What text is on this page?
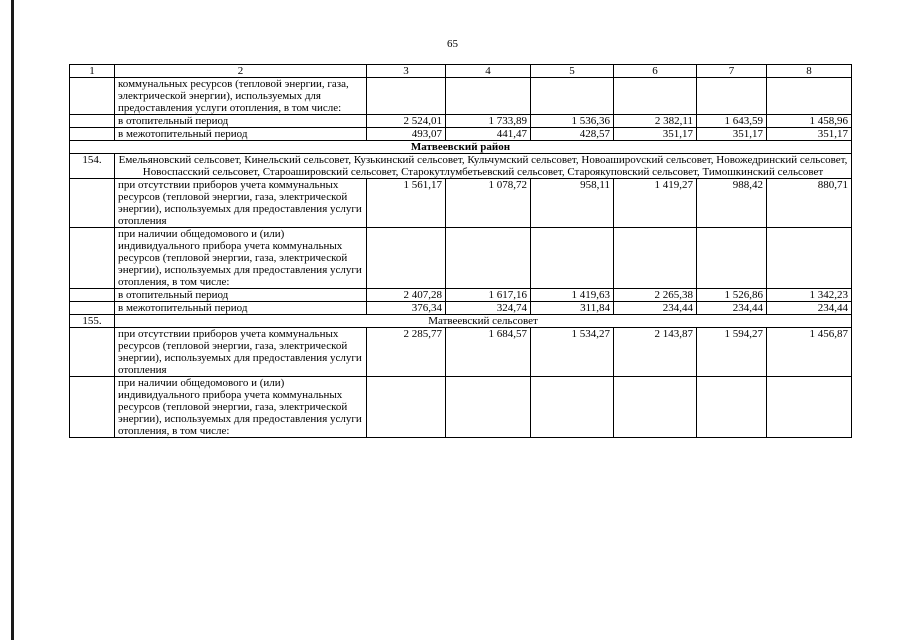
65
1	2	3	4	5	6	7	8
	коммунальных ресурсов (тепловой энергии, газа, электрической энергии), используемых для предоставления услуги отопления, в том числе:						
	в отопительный период	2 524,01	1 733,89	1 536,36	2 382,11	1 643,59	1 458,96
	в межотопительный период	493,07	441,47	428,57	351,17	351,17	351,17
Матвеевский район							
154.	Емельяновский сельсовет, Кинельский сельсовет, Кузькинский сельсовет, Кульчумский сельсовет, Новоаширovский сельсовет, Новожедринский сельсовет, Новоспасский сельсовет, Староашировский сельсовет, Старокутлумбетьевский сельсовет, Староякуповский сельсовет, Тимошкинский сельсовет						
	при отсутствии приборов учета коммунальных ресурсов (тепловой энергии, газа, электрической энергии), используемых для предоставления услуги отопления	1 561,17	1 078,72	958,11	1 419,27	988,42	880,71
	при наличии общедомового и (или) индивидуального прибора учета коммунальных ресурсов (тепловой энергии, газа, электрической энергии), используемых для предоставления услуги отопления, в том числе:						
	в отопительный период	2 407,28	1 617,16	1 419,63	2 265,38	1 526,86	1 342,23
	в межотопительный период	376,34	324,74	311,84	234,44	234,44	234,44
155.	Матвеевский сельсовет						
	при отсутствии приборов учета коммунальных ресурсов (тепловой энергии, газа, электрической энергии), используемых для предоставления услуги отопления	2 285,77	1 684,57	1 534,27	2 143,87	1 594,27	1 456,87
	при наличии общедомового и (или) индивидуального прибора учета коммунальных ресурсов (тепловой энергии, газа, электрической энергии), используемых для предоставления услуги отопления, в том числе:						
